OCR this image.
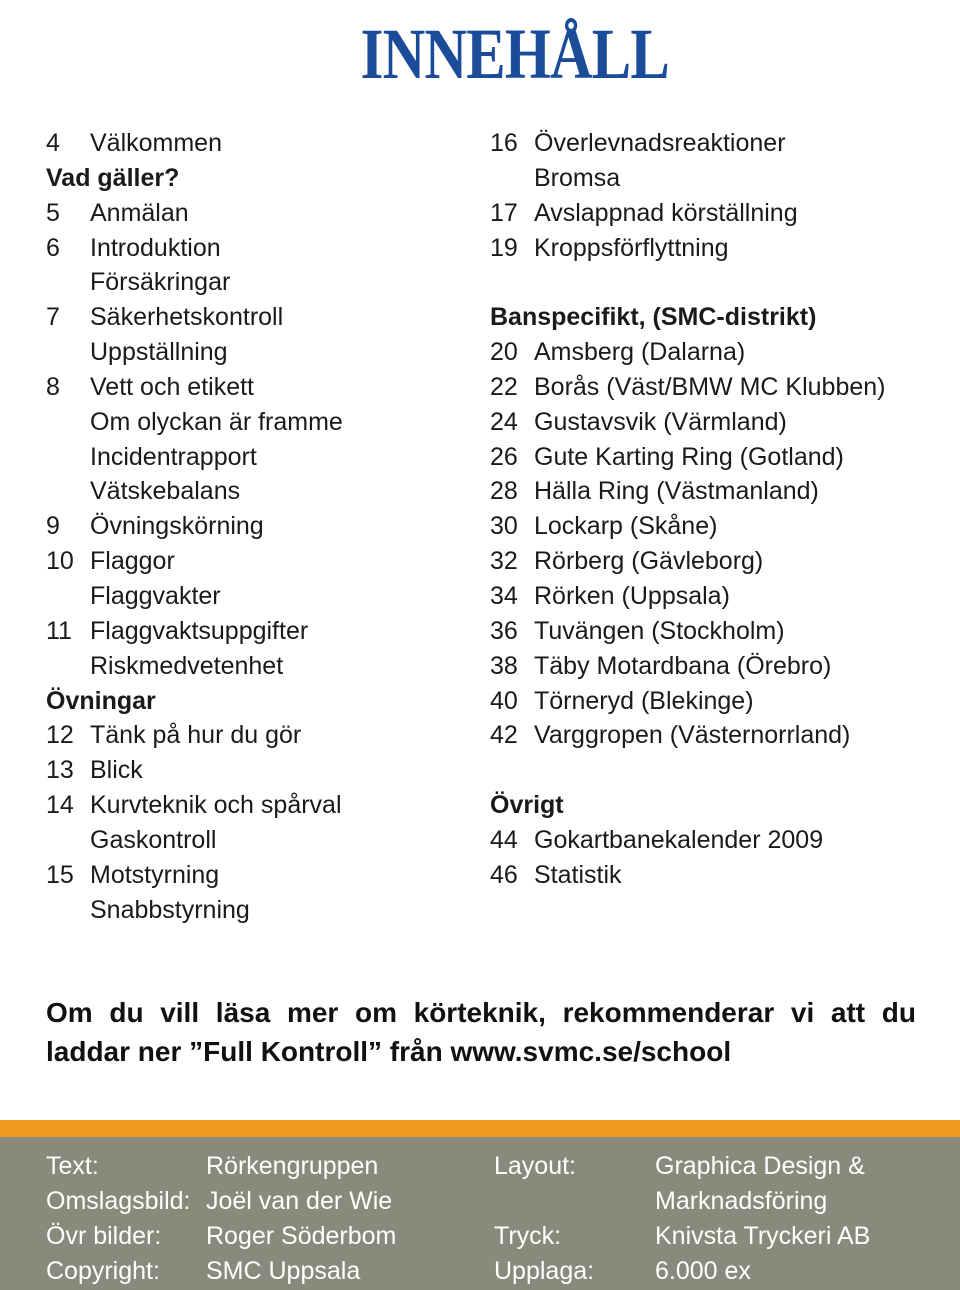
INNEHÅLL
4	Välkommen
Vad gäller?
5	Anmälan
6	Introduktion
Försäkringar
7	Säkerhetskontroll
Uppställning
8	Vett och etikett
Om olyckan är framme
Incidentrapport
Vätskebalans
9	Övningskörning
10 Flaggor
Flaggvakter
11 Flaggvaktsuppgifter
Riskmedvetenhet
Övningar
12 Tänk på hur du gör
13 Blick
14 Kurvteknik och spårval
Gaskontroll
15 Motstyrning
Snabbstyrning
16 Överlevnadsreaktioner
Bromsa
17 Avslappnad körställning
19 Kroppsförflyttning
Banspecifikt, (SMC-distrikt)
20 Amsberg (Dalarna)
22 Borås (Väst/BMW MC Klubben)
24 Gustavsvik (Värmland)
26 Gute Karting Ring (Gotland)
28 Hälla Ring (Västmanland)
30 Lockarp (Skåne)
32 Rörberg (Gävleborg)
34 Rörken (Uppsala)
36 Tuvängen (Stockholm)
38 Täby Motardbana (Örebro)
40 Törneryd (Blekinge)
42 Varggropen (Västernorrland)
Övrigt
44 Gokartbanekalender 2009
46 Statistik
Om du vill läsa mer om körteknik, rekommenderar vi att du laddar ner ”Full Kontroll” från www.svmc.se/school
Text:	Rörkengruppen
Omslagsbild: Joël van der Wie
Övr bilder: Roger Söderbom
Copyright: SMC Uppsala
Layout:	Graphica Design &
Marknadsföring
Tryck:	Knivsta Tryckeri AB
Upplaga: 6.000 ex
